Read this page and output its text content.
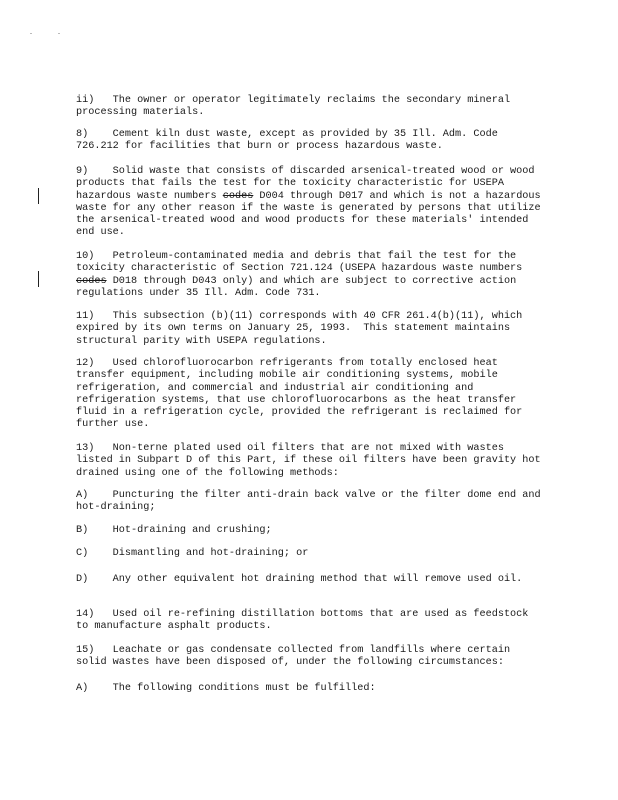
ii)   The owner or operator legitimately reclaims the secondary mineral processing materials.

8)    Cement kiln dust waste, except as provided by 35 Ill. Adm. Code 726.212 for facilities that burn or process hazardous waste.

9)    Solid waste that consists of discarded arsenical-treated wood or wood products that fails the test for the toxicity characteristic for USEPA hazardous waste numbers codes D004 through D017 and which is not a hazardous waste for any other reason if the waste is generated by persons that utilize the arsenical-treated wood and wood products for these materials' intended end use.

10)   Petroleum-contaminated media and debris that fail the test for the toxicity characteristic of Section 721.124 (USEPA hazardous waste numbers codes D018 through D043 only) and which are subject to corrective action regulations under 35 Ill. Adm. Code 731.

11)   This subsection (b)(11) corresponds with 40 CFR 261.4(b)(11), which expired by its own terms on January 25, 1993.  This statement maintains structural parity with USEPA regulations.

12)   Used chlorofluorocarbon refrigerants from totally enclosed heat transfer equipment, including mobile air conditioning systems, mobile refrigeration, and commercial and industrial air conditioning and refrigeration systems, that use chlorofluorocarbons as the heat transfer fluid in a refrigeration cycle, provided the refrigerant is reclaimed for further use.

13)   Non-terne plated used oil filters that are not mixed with wastes listed in Subpart D of this Part, if these oil filters have been gravity hot drained using one of the following methods:

A)    Puncturing the filter anti-drain back valve or the filter dome end and hot-draining;

B)    Hot-draining and crushing;

C)    Dismantling and hot-draining; or

D)    Any other equivalent hot draining method that will remove used oil.

14)   Used oil re-refining distillation bottoms that are used as feedstock to manufacture asphalt products.

15)   Leachate or gas condensate collected from landfills where certain solid wastes have been disposed of, under the following circumstances:

A)    The following conditions must be fulfilled:
